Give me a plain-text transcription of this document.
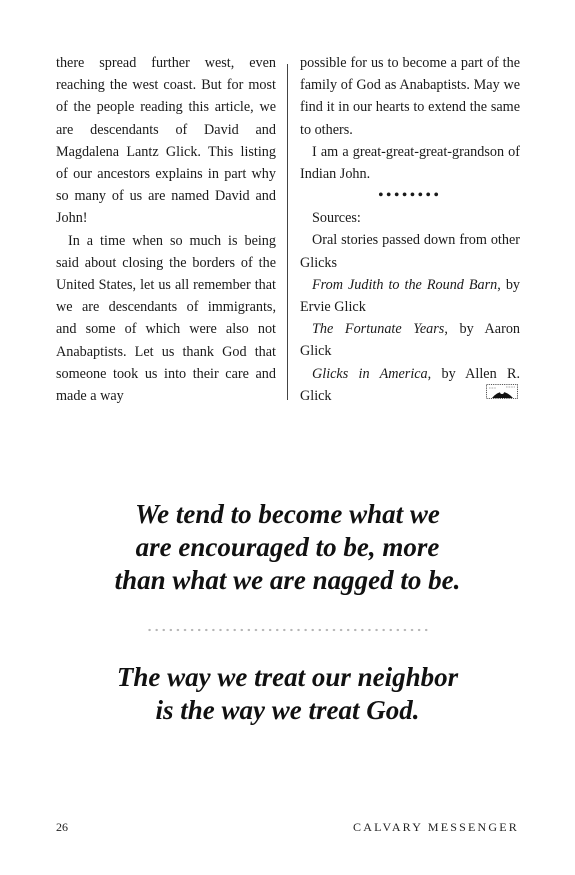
there spread further west, even reaching the west coast. But for most of the people reading this article, we are descendants of David and Magdalena Lantz Glick. This listing of our ancestors explains in part why so many of us are named David and John!

In a time when so much is being said about closing the borders of the United States, let us all remember that we are descendants of immigrants, and some of which were also not Anabaptists. Let us thank God that someone took us into their care and made a way

possible for us to become a part of the family of God as Anabaptists. May we find it in our hearts to extend the same to others.

I am a great-great-great-grandson of Indian John.

••••••••

Sources:

Oral stories passed down from other Glicks

From Judith to the Round Barn, by Ervie Glick

The Fortunate Years, by Aaron Glick

Glicks in America, by Allen R. Glick

We tend to become what we
are encouraged to be, more
than what we are nagged to be.
The way we treat our neighbor
is the way we treat God.
26	CALVARY MESSENGER
